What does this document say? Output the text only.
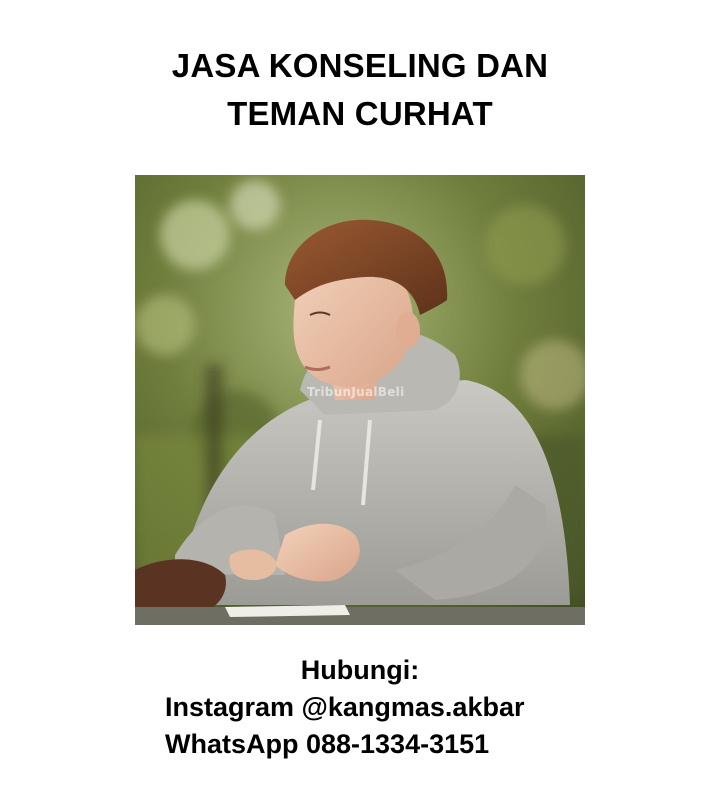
JASA KONSELING DAN
TEMAN CURHAT
TribunJualBeli
Hubungi:
Instagram @kangmas.akbar
WhatsApp 088-1334-3151
